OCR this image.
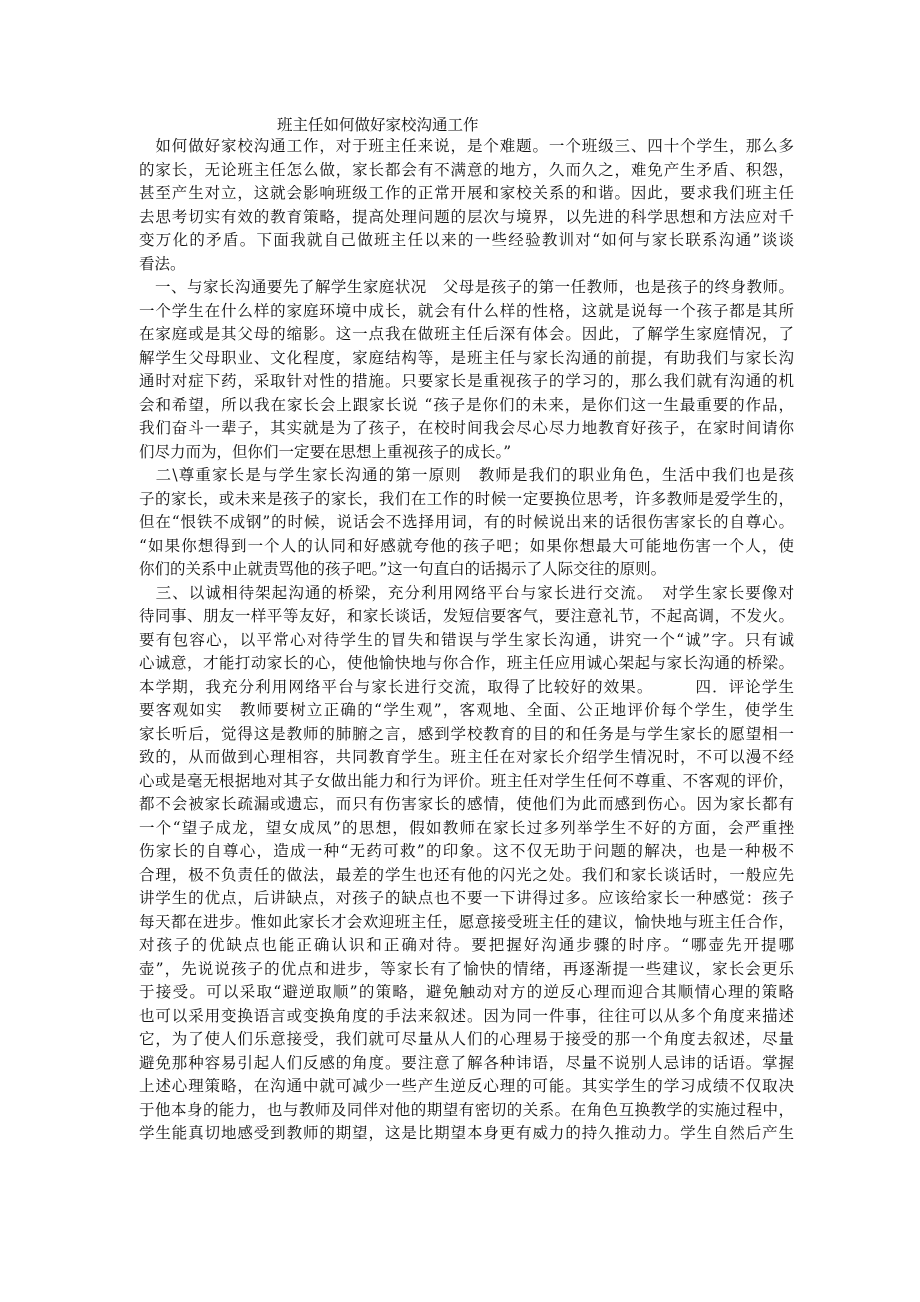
班主任如何做好家校沟通工作
　如何做好家校沟通工作，对于班主任来说，是个难题。一个班级三、四十个学生，那么多
的家长，无论班主任怎么做，家长都会有不满意的地方，久而久之，难免产生矛盾、积怨，
甚至产生对立，这就会影响班级工作的正常开展和家校关系的和谐。因此，要求我们班主任
去思考切实有效的教育策略，提高处理问题的层次与境界，以先进的科学思想和方法应对千
变万化的矛盾。下面我就自己做班主任以来的一些经验教训对“如何与家长联系沟通”谈谈
看法。
　一、与家长沟通要先了解学生家庭状况　父母是孩子的第一任教师，也是孩子的终身教师。
一个学生在什么样的家庭环境中成长，就会有什么样的性格，这就是说每一个孩子都是其所
在家庭或是其父母的缩影。这一点我在做班主任后深有体会。因此，了解学生家庭情况，了
解学生父母职业、文化程度，家庭结构等，是班主任与家长沟通的前提，有助我们与家长沟
通时对症下药，采取针对性的措施。只要家长是重视孩子的学习的，那么我们就有沟通的机
会和希望，所以我在家长会上跟家长说 “孩子是你们的未来，是你们这一生最重要的作品，
我们奋斗一辈子，其实就是为了孩子，在校时间我会尽心尽力地教育好孩子，在家时间请你
们尽力而为，但你们一定要在思想上重视孩子的成长。”
　二\尊重家长是与学生家长沟通的第一原则　教师是我们的职业角色，生活中我们也是孩
子的家长，或未来是孩子的家长，我们在工作的时候一定要换位思考，许多教师是爱学生的，
但在“恨铁不成钢”的时候，说话会不选择用词，有的时候说出来的话很伤害家长的自尊心。
“如果你想得到一个人的认同和好感就夸他的孩子吧；如果你想最大可能地伤害一个人，使
你们的关系中止就责骂他的孩子吧。”这一句直白的话揭示了人际交往的原则。
　三、以诚相待架起沟通的桥梁，充分利用网络平台与家长进行交流。　对学生家长要像对
待同事、朋友一样平等友好，和家长谈话，发短信要客气，要注意礼节，不起高调，不发火。
要有包容心，以平常心对待学生的冒失和错误与学生家长沟通，讲究一个“诚”字。只有诚
心诚意，才能打动家长的心，使他愉快地与你合作，班主任应用诚心架起与家长沟通的桥梁。
本学期，我充分利用网络平台与家长进行交流，取得了比较好的效果。　　　四．评论学生
要客观如实　教师要树立正确的“学生观”，客观地、全面、公正地评价每个学生，使学生
家长听后，觉得这是教师的肺腑之言，感到学校教育的目的和任务是与学生家长的愿望相一
致的，从而做到心理相容，共同教育学生。班主任在对家长介绍学生情况时，不可以漫不经
心或是毫无根据地对其子女做出能力和行为评价。班主任对学生任何不尊重、不客观的评价，
都不会被家长疏漏或遗忘，而只有伤害家长的感情，使他们为此而感到伤心。因为家长都有
一个“望子成龙，望女成凤”的思想，假如教师在家长过多列举学生不好的方面，会严重挫
伤家长的自尊心，造成一种“无药可救”的印象。这不仅无助于问题的解决，也是一种极不
合理，极不负责任的做法，最差的学生也还有他的闪光之处。我们和家长谈话时，一般应先
讲学生的优点，后讲缺点，对孩子的缺点也不要一下讲得过多。应该给家长一种感觉：孩子
每天都在进步。惟如此家长才会欢迎班主任，愿意接受班主任的建议，愉快地与班主任合作，
对孩子的优缺点也能正确认识和正确对待。要把握好沟通步骤的时序。“哪壶先开提哪
壶”，先说说孩子的优点和进步，等家长有了愉快的情绪，再逐渐提一些建议，家长会更乐
于接受。可以采取“避逆取顺”的策略，避免触动对方的逆反心理而迎合其顺情心理的策略
也可以采用变换语言或变换角度的手法来叙述。因为同一件事，往往可以从多个角度来描述
它，为了使人们乐意接受，我们就可尽量从人们的心理易于接受的那一个角度去叙述，尽量
避免那种容易引起人们反感的角度。要注意了解各种讳语，尽量不说别人忌讳的话语。掌握
上述心理策略，在沟通中就可减少一些产生逆反心理的可能。其实学生的学习成绩不仅取决
于他本身的能力，也与教师及同伴对他的期望有密切的关系。在角色互换教学的实施过程中，
学生能真切地感受到教师的期望，这是比期望本身更有威力的持久推动力。学生自然后产生
